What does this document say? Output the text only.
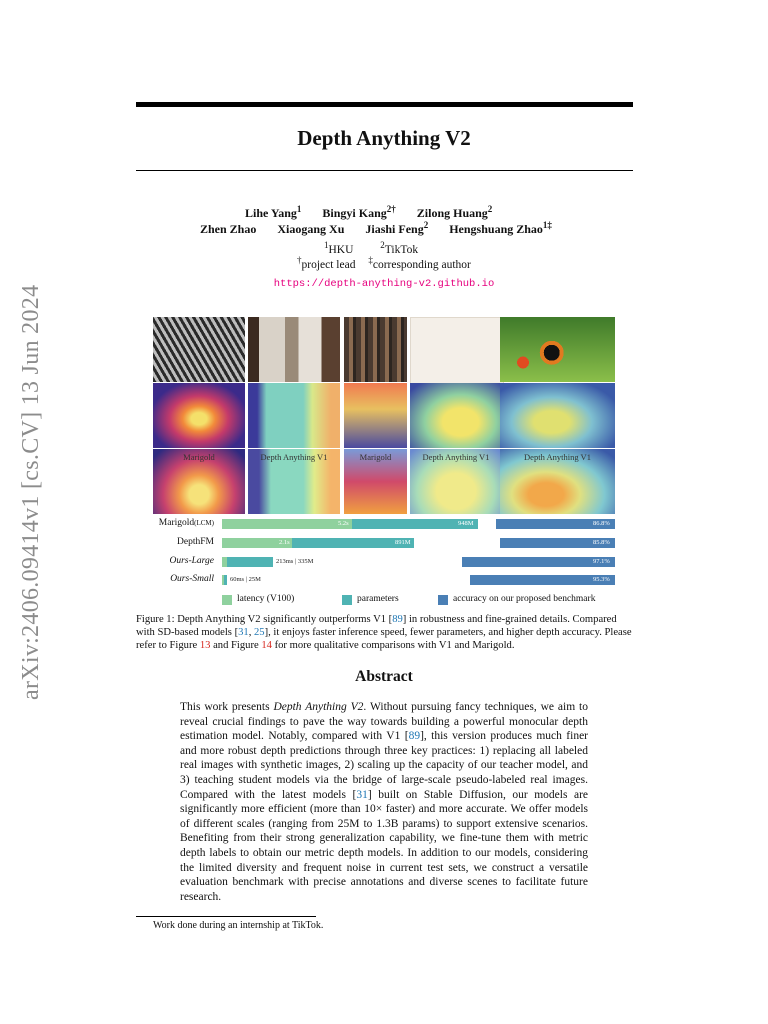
arXiv:2406.09414v1 [cs.CV] 13 Jun 2024
Depth Anything V2
Lihe Yang$^1$ Bingyi Kang$^{2\dagger}$ Zilong Huang$^2$
Zhen Zhao Xiaogang Xu Jiashi Feng$^2$ Hengshuang Zhao$^{1\ddagger}$
$^1$HKU	$^2$TikTok
†project lead ‡corresponding author
https://depth-anything-v2.github.io
Marigold	Depth Anything V1	Marigold	Depth Anything V1	Depth Anything V1
Marigold(LCM)
DepthFM
Ours-Large
Ours-Small
5.2s	948M	86.8%
2.1s	891M	85.8%
213ms | 335M	97.1%
60ms | 25M	95.3%
latency (V100)	parameters	accuracy on our proposed benchmark
Figure 1: Depth Anything V2 significantly outperforms V1 [89] in robustness and fine-grained details. Compared with SD-based models [31, 25], it enjoys faster inference speed, fewer parameters, and higher depth accuracy. Please refer to Figure 13 and Figure 14 for more qualitative comparisons with V1 and Marigold.
Abstract
This work presents Depth Anything V2. Without pursuing fancy techniques, we aim to reveal crucial findings to pave the way towards building a powerful monocular depth estimation model. Notably, compared with V1 [89], this version produces much finer and more robust depth predictions through three key practices: 1) replacing all labeled real images with synthetic images, 2) scaling up the capacity of our teacher model, and 3) teaching student models via the bridge of large-scale pseudo-labeled real images. Compared with the latest models [31] built on Stable Diffusion, our models are significantly more efficient (more than 10× faster) and more accurate. We offer models of different scales (ranging from 25M to 1.3B params) to support extensive scenarios. Benefiting from their strong generalization capability, we fine-tune them with metric depth labels to obtain our metric depth models. In addition to our models, considering the limited diversity and frequent noise in current test sets, we construct a versatile evaluation benchmark with precise annotations and diverse scenes to facilitate future research.
Work done during an internship at TikTok.
